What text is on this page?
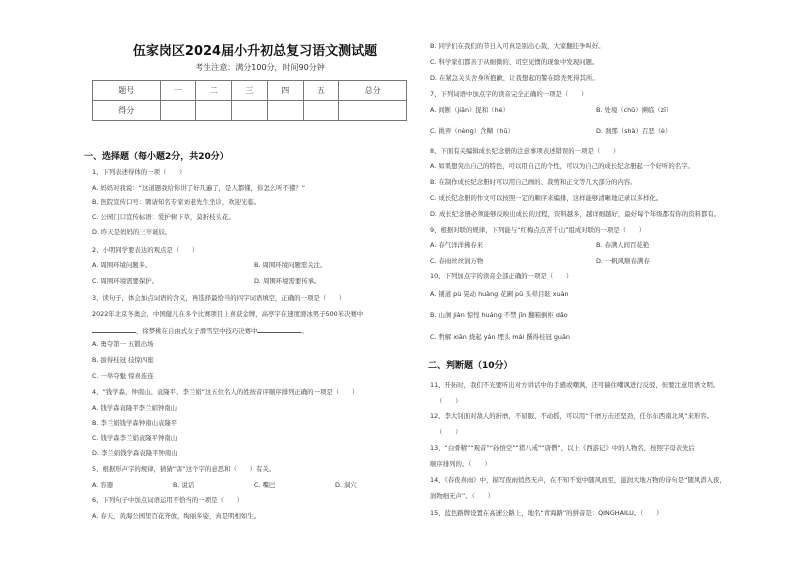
伍家岗区2024届小升初总复习语文测试题
考生注意：满分100分，时间90分钟
题号	一	二	三	四	五	总分
得分						
一、选择题（每小题2分，共20分）
1、下列表述得体的一项（　　）
A. 妈妈对我说：“这道题我给你讲了好几遍了，是人都懂，你怎么听不懂？”
B. 医院宣传口号：聘请知名专家刘老先生坐诊，欢迎光临。
C. 公园门口宣传标语：爱护树下草，莫折枝头花。
D. 昨天是妈妈的三岁诞辰。
2、小明同学要表达的观点是（　　）
A. 周围环境问题多。	B. 周围环境问题需关注。
C. 周围环境需要保护。	D. 周围环境需要传承。
3、读句子，体会加点词语的含义，再选择最恰当的四字词语填空，正确的一项是（　　）
2022年北京冬奥会，中国健儿在多个比赛项目上喜获金牌，高亭宇在速度滑冰男子500米决赛中
，徐梦桃在自由式女子滑雪空中技巧决赛中	。
A. 勇夺第一 五锻出场
B. 拔得桂冠 技惊四座
C. 一举夺魁 惊喜连连
4、“钱学森、钟南山、袁隆平、李兰娟”这五位名人的姓按音序顺序排列正确的一项是（　　）
A. 钱学森袁隆平李兰娟钟南山
B. 李兰娟钱学森钟南山袁隆平
C. 钱学森李兰娟袁隆平钟南山
D. 李兰娟钱学森袁隆平钟南山
5、根据形声字的规律，猜猜“害”这个字的意思和（　　）有关。
A. 容器	B. 说话	C. 嘴巴	D. 洞穴
6、下列句子中加点词语运用不恰当的一项是（　　）
A. 春天，黄海公园里百花齐放，绚丽多姿，真是明相如生。
B. 同学们在我们的节日入可真是别出心裁，大家翻挂争叫好。
C. 科学家们都善于从细微的、司空见惯的现象中发现问题。
D. 在紧急关头舍身所抱歉，让我想起的警在除秃死得其所。
7、下列词语中加点字的读音完全正确的一项是（　　）
A. 间断（jiān）捉和（hé）	B. 处境（chǔ）濒临（zī）
C. 挑弄（nèng）含糊（hū）	D. 刹那（shà）召恶（è）
8、下面有关编辑成长纪念册的注意事项表述错误的一项是（　　）
A. 如果想突出自己的特色，可以用自己的个性，可以为自己的成长纪念册起一个好听的名字。
B. 在制作成长纪念册时可以用自己画的、裁剪和正文等几大部分的内容。
C. 成长纪念册的作文可以按照一定的顺序来编排，这样能够清晰地记录以多样化。
D. 成长纪念册必须能够反映出成长的过程，资料越多，越详细越好，最好每个年级都有你的资料都有。
9、根据对联的规律，下列能与“红梅点点苦千山”组成对联的一项是（　　）
A. 春气洋洋拂春来	B. 春满人间百花艳
C. 春雨丝丝润万物	D. 一帆风顺春满春
10、下列加点字的读音全部正确的一项是（　　）
A. 铺道 pù 晃动 huàng 花圃 pǔ 头晕目眩 xuàn
B. 山涧 jiàn 惊惶 huáng 不禁 jīn 翻箱倒柜 dǎo
C. 哲解 xiān 烧起 yán 埋头 mái 撰得桂冠 guān
二、判断题（10分）
11、开拓时，我们不光要听出对方讲话中的手感或嘲讽，还可揣住嘲讽进行反驳，但要注意用语文明。
（　　）
12、李大钊面对敌人的折磨，不屈服、不动摇，可以用“千磨万击还坚劲，任尔东西南北风”来形容。
（　　）
13、“白骨精”“观音”“孙悟空”“猪八戒”“唐僧”，以上《西游记》中的人物名，按照字母表先后
顺序排列的。（　　）
14、《春夜喜雨》中，描写夜雨悄然无声，在不知不觉中随风而至，滋润大地万物的诗句是“随风潜入夜，
润物细无声”。（　　）
15、蓝色路牌设置在高速公路上，地名“青海路”的拼音是：QINGHAILU。（　　）
